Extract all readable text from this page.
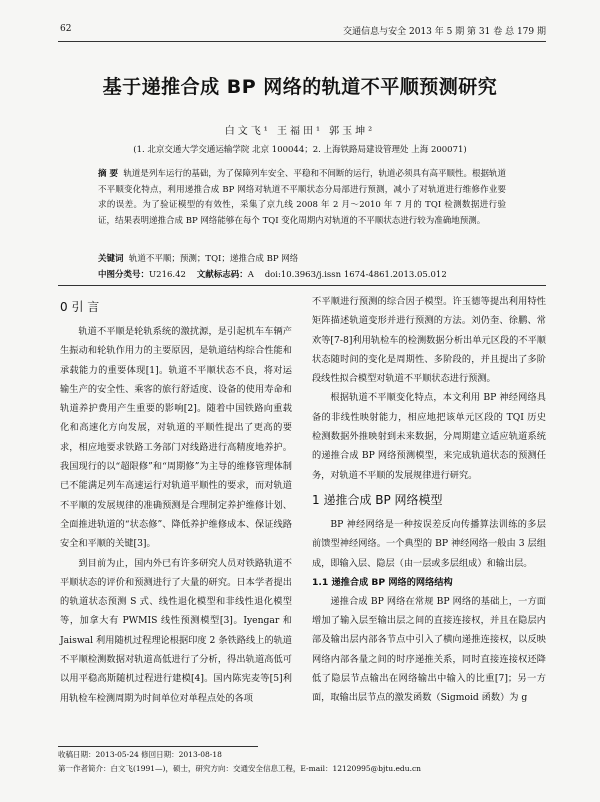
62	交通信息与安全 2013 年 5 期 第 31 卷 总 179 期
基于递推合成 BP 网络的轨道不平顺预测研究
白文飞¹ 王福田¹ 郭玉坤²
(1. 北京交通大学交通运输学院 北京 100044；2. 上海铁路局建设管理处 上海 200071)
摘 要 轨道是列车运行的基础，为了保障列车安全、平稳和不间断的运行，轨道必须具有高平顺性。根据轨道不平顺变化特点，利用递推合成 BP 网络对轨道不平顺状态分局部进行预测，减小了对轨道进行维修作业要求的误差。为了验证模型的有效性，采集了京九线 2008 年 2 月～2010 年 7 月的 TQI 检测数据进行验证，结果表明递推合成 BP 网络能够在每个 TQI 变化周期内对轨道的不平顺状态进行较为准确地预测。
关键词 轨道不平顺；预测；TQI；递推合成 BP 网络
中图分类号：U216.42 文献标志码：A doi:10.3963/j.issn 1674-4861.2013.05.012
0 引 言

轨道不平顺是轮轨系统的激扰源，是引起机车车辆产生振动和轮轨作用力的主要原因，是轨道结构综合性能和承载能力的重要体现[1]。轨道不平顺状态不良，将对运输生产的安全性、乘客的旅行舒适度、设备的使用寿命和轨道养护费用产生重要的影响[2]。随着中国铁路向重载化和高速化方向发展，对轨道的平顺性提出了更高的要求，相应地要求铁路工务部门对线路进行高精度地养护。我国现行的以“超限修”和“周期修”为主导的维修管理体制已不能满足列车高速运行对轨道平顺性的要求，而对轨道不平顺的发展规律的准确预测是合理制定养护维修计划、全面推进轨道的“状态修”、降低养护维修成本、保证线路安全和平顺的关键[3]。

到目前为止，国内外已有许多研究人员对铁路轨道不平顺状态的评价和预测进行了大量的研究。日本学者提出的轨道状态预测 S 式、线性退化模型和非线性退化模型等，加拿大有 PWMIS 线性预测模型[3]。Iyengar 和 Jaiswal 利用随机过程理论根据印度 2 条铁路线上的轨道不平顺检测数据对轨道高低进行了分析，得出轨道高低可以用平稳高斯随机过程进行建模[4]。国内陈宪麦等[5]利用轨检车检测周期为时间单位对单程点处的各项

不平顺进行预测的综合因子模型。许玉德等提出利用特性矩阵描述轨道变形并进行预测的方法。刘仍奎、徐鹏、常欢等[7-8]利用轨检车的检测数据分析出单元区段的不平顺状态随时间的变化是周期性、多阶段的，并且提出了多阶段线性拟合模型对轨道不平顺状态进行预测。

根据轨道不平顺变化特点，本文利用 BP 神经网络具备的非线性映射能力，相应地把该单元区段的 TQI 历史检测数据外推映射到未来数据，分周期建立适应轨道系统的递推合成 BP 网络预测模型，来完成轨道状态的预测任务，对轨道不平顺的发展规律进行研究。

1 递推合成 BP 网络模型

BP 神经网络是一种按误差反向传播算法训练的多层前馈型神经网络。一个典型的 BP 神经网络一般由 3 层组成，即输入层、隐层（由一层或多层组成）和输出层。

1.1 递推合成 BP 网络的网络结构

递推合成 BP 网络在常规 BP 网络的基础上，一方面增加了输入层至输出层之间的直接连接权，并且在隐层内部及输出层内部各节点中引入了横向递推连接权，以反映网络内部各量之间的时序递推关系，同时直接连接权还降低了隐层节点输出在网络输出中输入的比重[7]；另一方面，取输出层节点的激发函数（Sigmoid 函数）为 g

收稿日期：2013-05-24 修回日期：2013-08-18
第一作者简介：白文飞(1991—)，硕士，研究方向：交通安全信息工程，E-mail：12120995@bjtu.edu.cn
